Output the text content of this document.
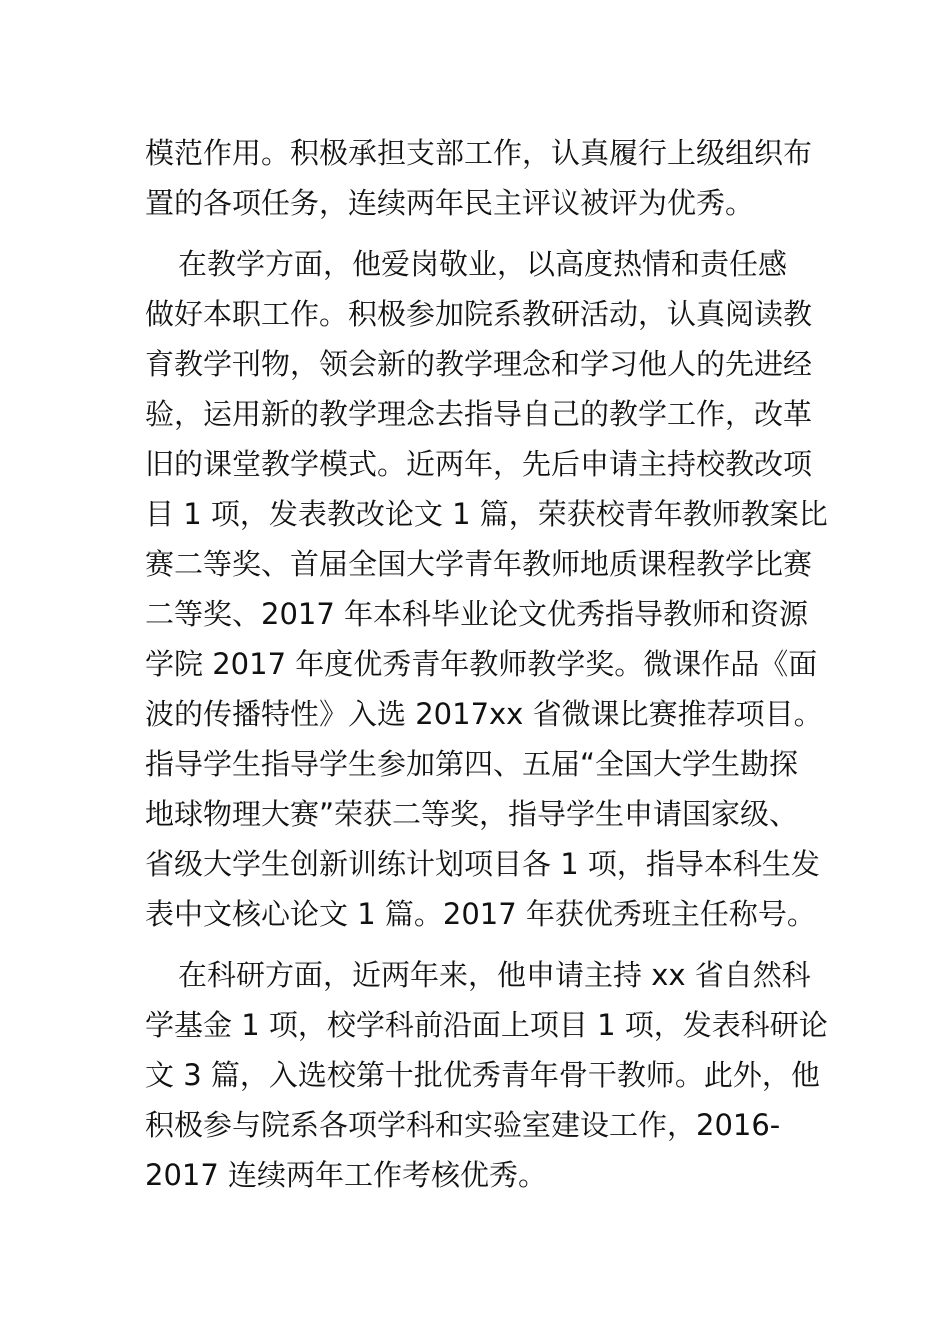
模范作用。积极承担支部工作，认真履行上级组织布
置的各项任务，连续两年民主评议被评为优秀。
在教学方面，他爱岗敬业，以高度热情和责任感
做好本职工作。积极参加院系教研活动，认真阅读教
育教学刊物，领会新的教学理念和学习他人的先进经
验，运用新的教学理念去指导自己的教学工作，改革
旧的课堂教学模式。近两年，先后申请主持校教改项
目 1 项，发表教改论文 1 篇，荣获校青年教师教案比
赛二等奖、首届全国大学青年教师地质课程教学比赛
二等奖、2017 年本科毕业论文优秀指导教师和资源
学院 2017 年度优秀青年教师教学奖。微课作品《面
波的传播特性》入选 2017xx 省微课比赛推荐项目。
指导学生指导学生参加第四、五届“全国大学生勘探
地球物理大赛”荣获二等奖，指导学生申请国家级、
省级大学生创新训练计划项目各 1 项，指导本科生发
表中文核心论文 1 篇。2017 年获优秀班主任称号。
在科研方面，近两年来，他申请主持 xx 省自然科
学基金 1 项，校学科前沿面上项目 1 项，发表科研论
文 3 篇，入选校第十批优秀青年骨干教师。此外，他
积极参与院系各项学科和实验室建设工作，2016-
2017 连续两年工作考核优秀。
